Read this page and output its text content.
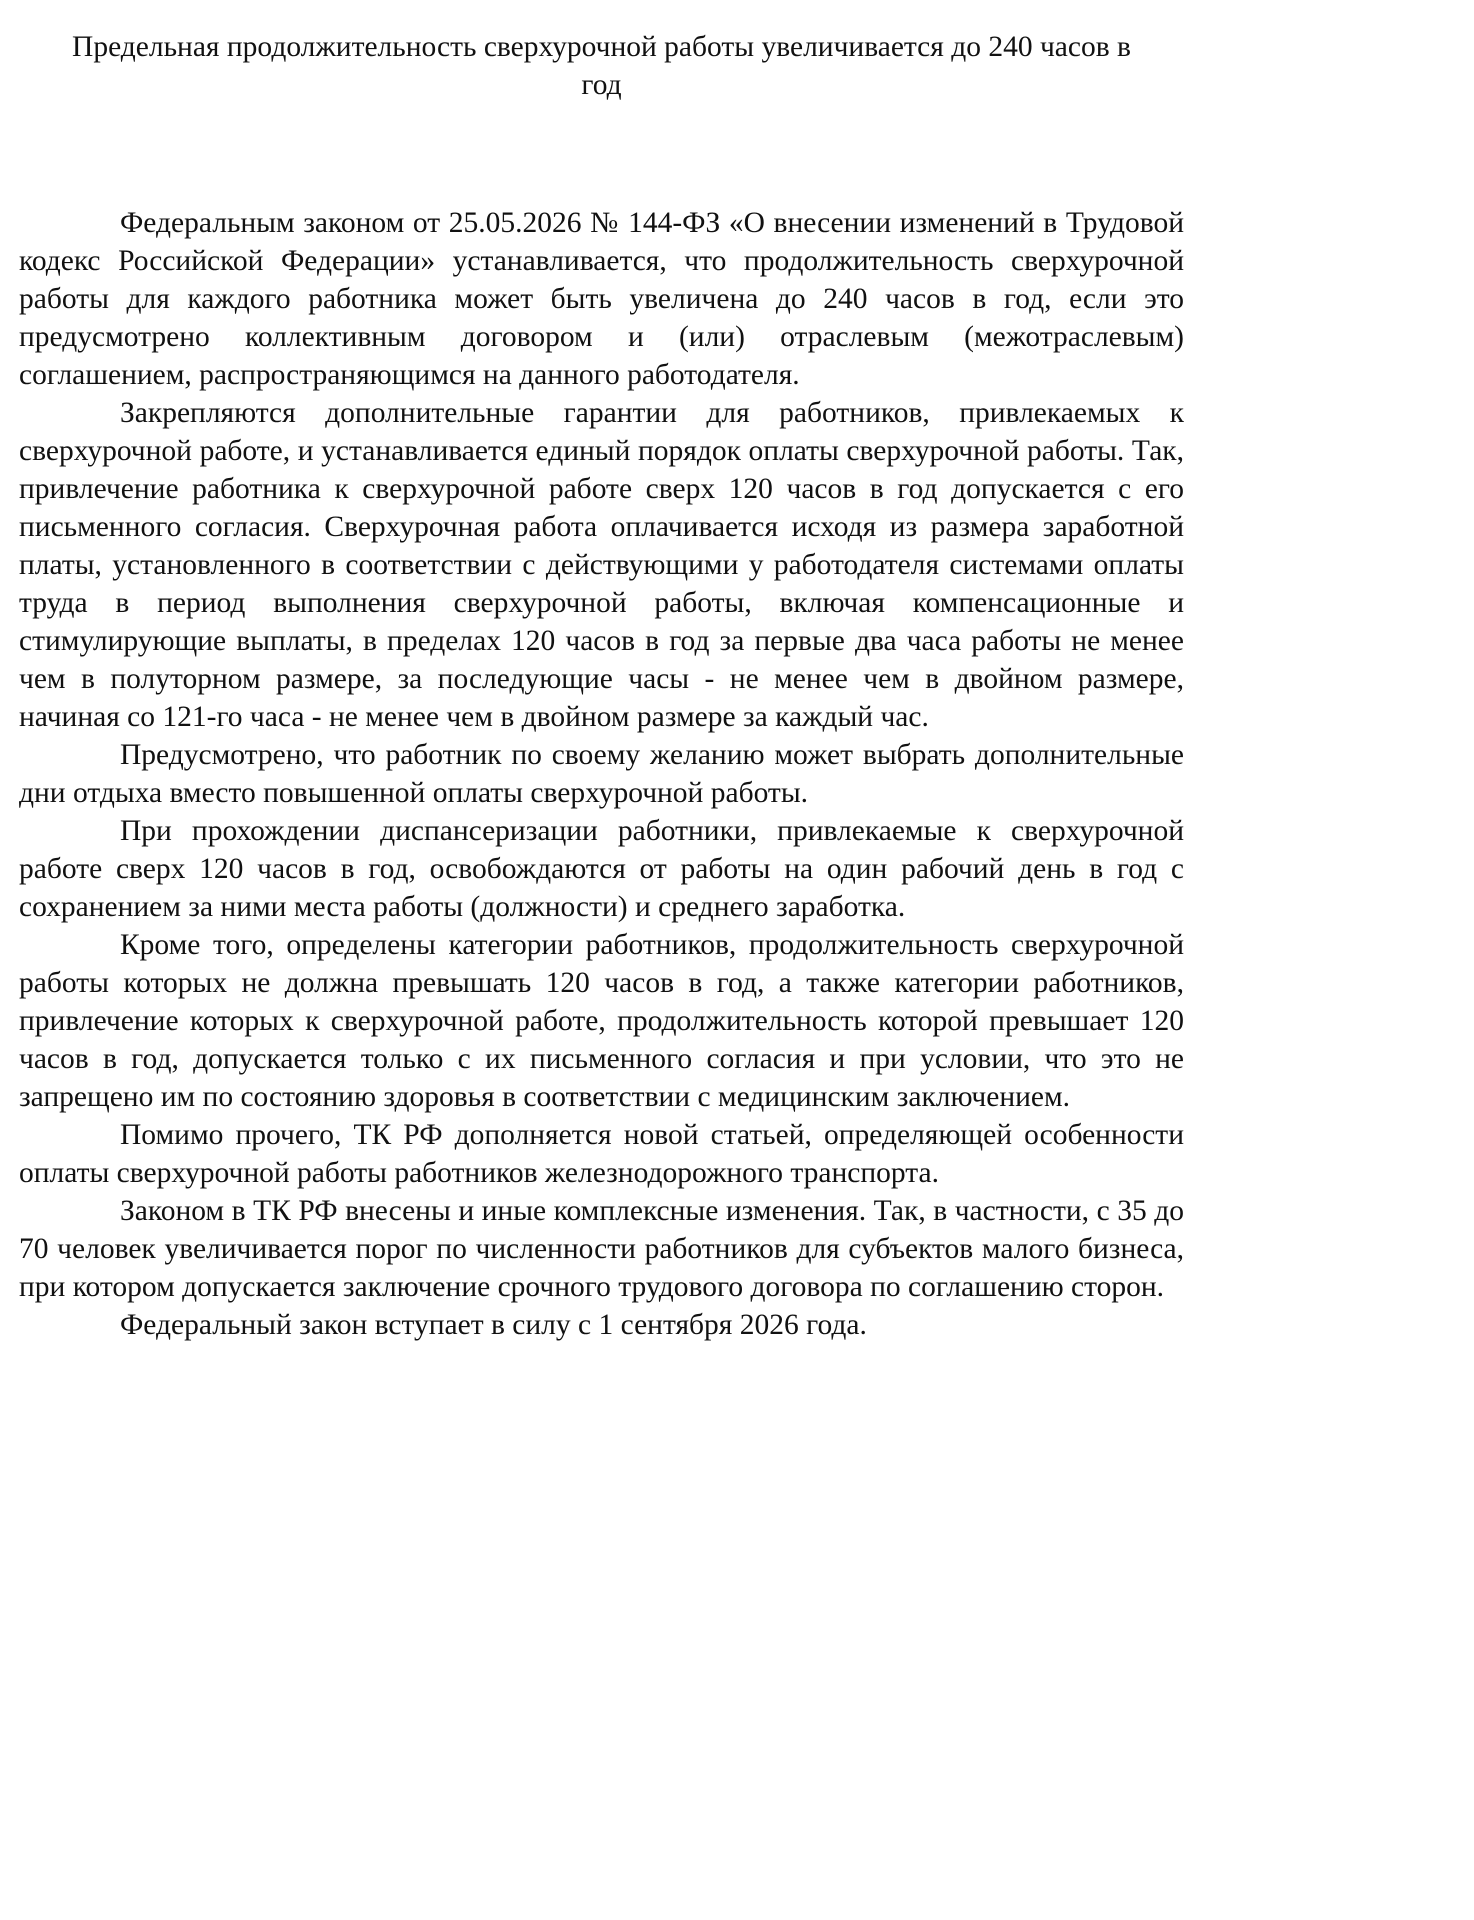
Предельная продолжительность сверхурочной работы увеличивается до 240 часов в год

Федеральным законом от 25.05.2026 № 144-ФЗ «О внесении изменений в Трудовой кодекс Российской Федерации» устанавливается, что продолжительность сверхурочной работы для каждого работника может быть увеличена до 240 часов в год, если это предусмотрено коллективным договором и (или) отраслевым (межотраслевым) соглашением, распространяющимся на данного работодателя.

Закрепляются дополнительные гарантии для работников, привлекаемых к сверхурочной работе, и устанавливается единый порядок оплаты сверхурочной работы. Так, привлечение работника к сверхурочной работе сверх 120 часов в год допускается с его письменного согласия. Сверхурочная работа оплачивается исходя из размера заработной платы, установленного в соответствии с действующими у работодателя системами оплаты труда в период выполнения сверхурочной работы, включая компенсационные и стимулирующие выплаты, в пределах 120 часов в год за первые два часа работы не менее чем в полуторном размере, за последующие часы - не менее чем в двойном размере, начиная со 121-го часа - не менее чем в двойном размере за каждый час.

Предусмотрено, что работник по своему желанию может выбрать дополнительные дни отдыха вместо повышенной оплаты сверхурочной работы.

При прохождении диспансеризации работники, привлекаемые к сверхурочной работе сверх 120 часов в год, освобождаются от работы на один рабочий день в год с сохранением за ними места работы (должности) и среднего заработка.

Кроме того, определены категории работников, продолжительность сверхурочной работы которых не должна превышать 120 часов в год, а также категории работников, привлечение которых к сверхурочной работе, продолжительность которой превышает 120 часов в год, допускается только с их письменного согласия и при условии, что это не запрещено им по состоянию здоровья в соответствии с медицинским заключением.

Помимо прочего, ТК РФ дополняется новой статьей, определяющей особенности оплаты сверхурочной работы работников железнодорожного транспорта.

Законом в ТК РФ внесены и иные комплексные изменения. Так, в частности, с 35 до 70 человек увеличивается порог по численности работников для субъектов малого бизнеса, при котором допускается заключение срочного трудового договора по соглашению сторон.

Федеральный закон вступает в силу с 1 сентября 2026 года.
